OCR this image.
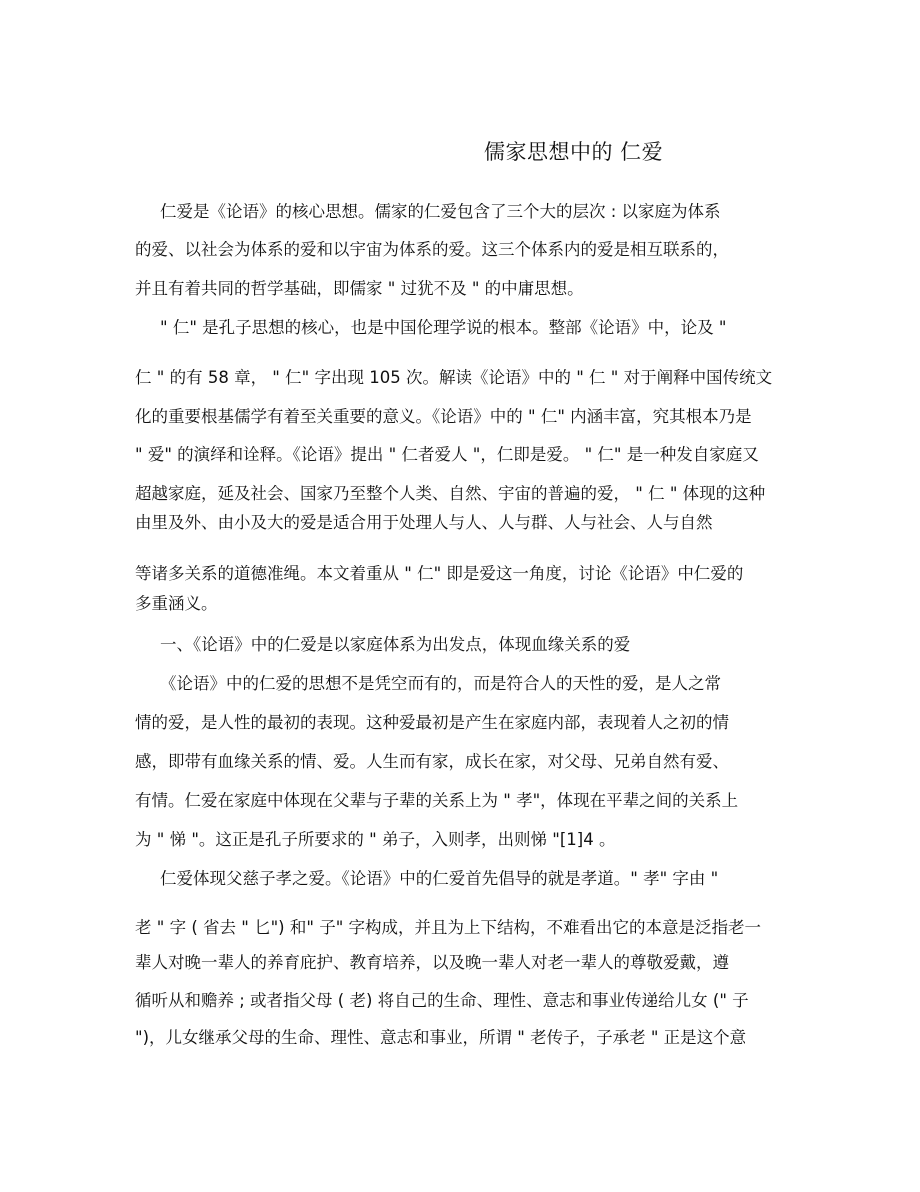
儒家思想中的 仁爱
仁爱是《论语》的核心思想。儒家的仁爱包含了三个大的层次 : 以家庭为体系
的爱、以社会为体系的爱和以宇宙为体系的爱。这三个体系内的爱是相互联系的，
并且有着共同的哲学基础，即儒家 " 过犹不及 " 的中庸思想。
" 仁" 是孔子思想的核心，也是中国伦理学说的根本。整部《论语》中，论及 "
仁 " 的有 58 章， " 仁" 字出现 105 次。解读《论语》中的 " 仁 " 对于阐释中国传统文
化的重要根基儒学有着至关重要的意义。《论语》中的 " 仁" 内涵丰富，究其根本乃是
" 爱" 的演绎和诠释。《论语》提出 " 仁者爱人 "，仁即是爱。 " 仁" 是一种发自家庭又
超越家庭，延及社会、国家乃至整个人类、自然、宇宙的普遍的爱， " 仁 " 体现的这种
由里及外、由小及大的爱是适合用于处理人与人、人与群、人与社会、人与自然
等诸多关系的道德准绳。本文着重从 " 仁" 即是爱这一角度，讨论《论语》中仁爱的
多重涵义。
一、《论语》中的仁爱是以家庭体系为出发点，体现血缘关系的爱
《论语》中的仁爱的思想不是凭空而有的，而是符合人的天性的爱，是人之常
情的爱，是人性的最初的表现。这种爱最初是产生在家庭内部，表现着人之初的情
感，即带有血缘关系的情、爱。人生而有家，成长在家，对父母、兄弟自然有爱、
有情。仁爱在家庭中体现在父辈与子辈的关系上为 " 孝"，体现在平辈之间的关系上
为 " 悌 "。这正是孔子所要求的 " 弟子，入则孝，出则悌 "[1]4 。
仁爱体现父慈子孝之爱。《论语》中的仁爱首先倡导的就是孝道。" 孝" 字由 "
老 " 字 ( 省去 " 匕") 和" 子" 字构成，并且为上下结构，不难看出它的本意是泛指老一
辈人对晚一辈人的养育庇护、教育培养，以及晚一辈人对老一辈人的尊敬爱戴，遵
循听从和赡养 ; 或者指父母 ( 老) 将自己的生命、理性、意志和事业传递给儿女 (" 子
")，儿女继承父母的生命、理性、意志和事业，所谓 " 老传子，子承老 " 正是这个意
